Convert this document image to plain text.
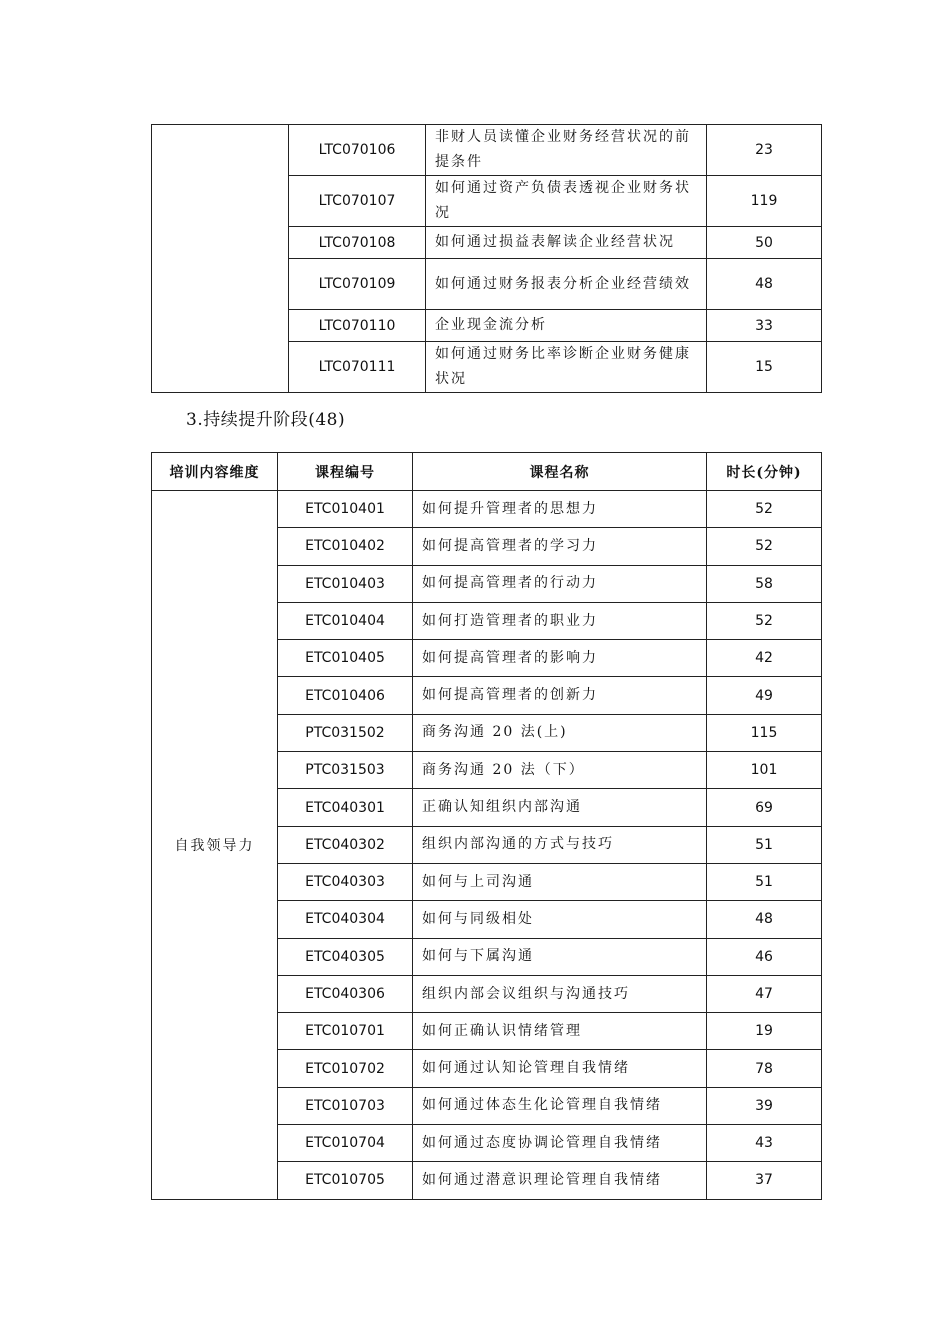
	LTC070106	非财人员读懂企业财务经营状况的前提条件	23
	LTC070107	如何通过资产负债表透视企业财务状况	119
	LTC070108	如何通过损益表解读企业经营状况	50
	LTC070109	如何通过财务报表分析企业经营绩效	48
	LTC070110	企业现金流分析	33
	LTC070111	如何通过财务比率诊断企业财务健康状况	15
3.持续提升阶段(48)
培训内容维度	课程编号	课程名称	时长(分钟)
自我领导力	ETC010401	如何提升管理者的思想力	52
	ETC010402	如何提高管理者的学习力	52
	ETC010403	如何提高管理者的行动力	58
	ETC010404	如何打造管理者的职业力	52
	ETC010405	如何提高管理者的影响力	42
	ETC010406	如何提高管理者的创新力	49
	PTC031502	商务沟通 20 法(上)	115
	PTC031503	商务沟通 20 法（下）	101
	ETC040301	正确认知组织内部沟通	69
	ETC040302	组织内部沟通的方式与技巧	51
	ETC040303	如何与上司沟通	51
	ETC040304	如何与同级相处	48
	ETC040305	如何与下属沟通	46
	ETC040306	组织内部会议组织与沟通技巧	47
	ETC010701	如何正确认识情绪管理	19
	ETC010702	如何通过认知论管理自我情绪	78
	ETC010703	如何通过体态生化论管理自我情绪	39
	ETC010704	如何通过态度协调论管理自我情绪	43
	ETC010705	如何通过潜意识理论管理自我情绪	37
